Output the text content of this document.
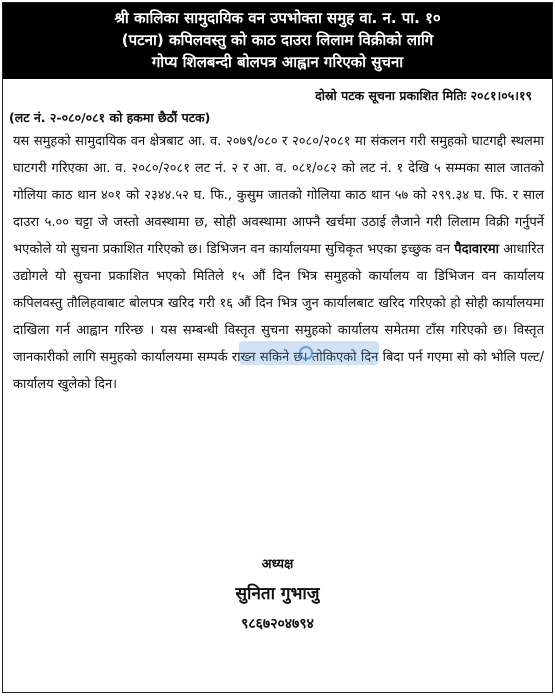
श्री कालिका सामुदायिक वन उपभोक्ता समुह वा. न. पा. १०
(पटना) कपिलवस्तु को काठ दाउरा लिलाम विक्रीको लागि
गोप्य शिलबन्दी बोलपत्र आह्वान गरिएको सुचना
दोस्रो पटक सूचना प्रकाशित मितिः २०८१।०५।१९
(लट नं. २-०८०/०८१ को हकमा छैठौं पटक)
यस समुहको सामुदायिक वन क्षेत्रबाट आ. व. २०७९/०८० र २०८०/२०८१ मा संकलन गरी समुहको घाटगद्दी स्थलमा घाटगरी गरिएका आ. व. २०८०/२०८१ लट नं. २ र आ. व. ०८१/०८२ को लट नं. १ देखि ५ सम्मका साल जातको गोलिया काठ थान ४०१ को २३४४.५२ घ. फि., कुसुम जातको गोलिया काठ थान ५७ को २९९.३४ घ. फि. र साल दाउरा ५.०० चट्टा जे जस्तो अवस्थामा छ, सोही अवस्थामा आफ्नै खर्चमा उठाई लैजाने गरी लिलाम विक्री गर्नुपर्ने भएकोले यो सुचना प्रकाशित गरिएको छ। डिभिजन वन कार्यालयमा सुचिकृत भएका इच्छुक वन पैदावारमा आधारित उद्योगले यो सुचना प्रकाशित भएको मितिले १५ औं दिन भित्र समुहको कार्यालय वा डिभिजन वन कार्यालय कपिलवस्तु तौलिहवाबाट बोलपत्र खरिद गरी १६ औं दिन भित्र जुन कार्यालबाट खरिद गरिएको हो सोही कार्यालयमा दाखिला गर्न आह्वान गरिन्छ । यस सम्बन्धी विस्तृत सुचना समुहको कार्यालय समेतमा टाँस गरिएको छ। विस्तृत जानकारीको लागि समुहको कार्यालयमा सम्पर्क राख्न सकिने छ। तोकिएको दिन बिदा पर्न गएमा सो को भोलि पल्ट/कार्यालय खुलेको दिन।
अध्यक्ष
सुनिता गुभाजु
९८६७२०४७९४
